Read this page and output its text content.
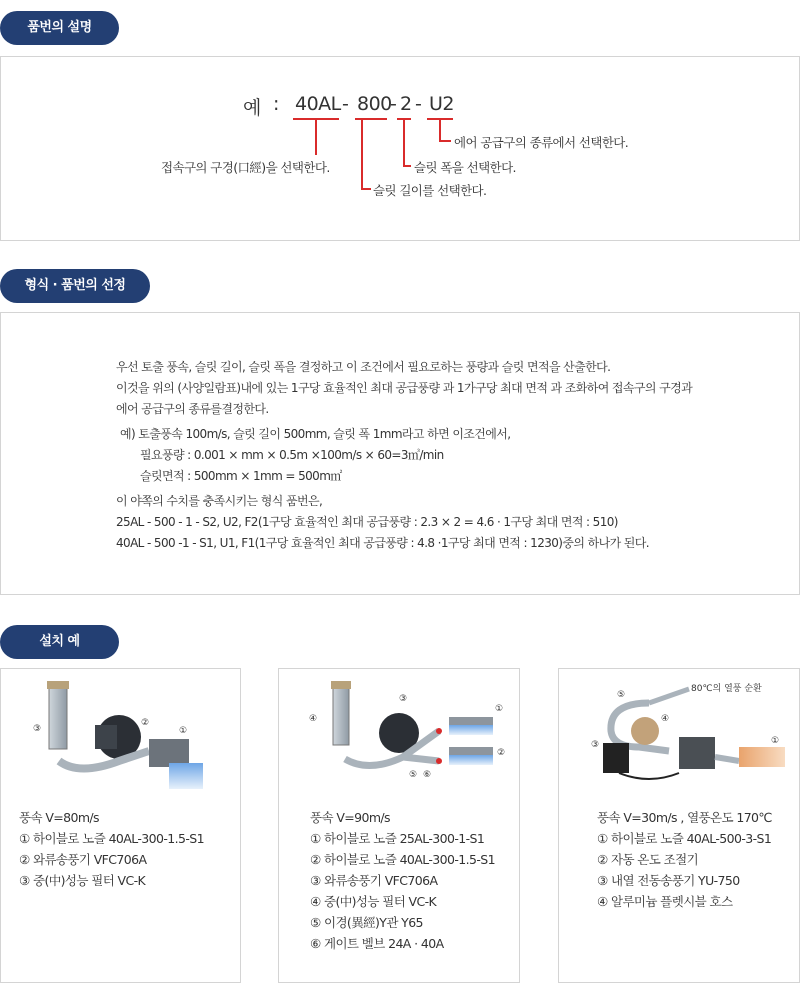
품번의 설명
예 : 40AL - 800
- 2 - U2
에어 공급구의 종류에서 선택한다.
슬릿 폭을 선택한다.
접속구의 구경(口經)을 선택한다.
슬릿 길이를 선택한다.
형식 · 품번의 선정
우선 토출 풍속, 슬릿 길이, 슬릿 폭을 결정하고 이 조건에서 필요로하는 풍량과 슬릿 면적을 산출한다.
이것을 위의 (사양일람표)내에 있는 1구당 효율적인 최대 공급풍량 과 1가구당 최대 면적 과 조화하여 접속구의 구경과
에어 공급구의 종류를결정한다.
예) 토출풍속 100m/s, 슬릿 길이 500mm, 슬릿 폭 1mm라고 하면 이조건에서,
필요풍량 : 0.001 × mm × 0.5m ×100m/s × 60=3㎥/min
슬릿면적 : 500mm × 1mm = 500m㎡
이 야쪽의 수치를 충족시키는 형식 품번은,
25AL - 500 - 1 - S2, U2, F2(1구당 효율적인 최대 공급풍량 : 2.3 × 2 = 4.6 · 1구당 최대 면적 : 510)
40AL - 500 -1 - S1, U1, F1(1구당 효율적인 최대 공급풍량 : 4.8 ·1구당 최대 면적 : 1230)중의 하나가 된다.
설치 예
③
②
①
풍속 V=80m/s
① 하이블로 노즐 40AL-300-1.5-S1
② 와류송풍기 VFC706A
③ 중(中)성능 필터 VC-K
③
④
①
②
⑤ ⑥
풍속 V=90m/s
① 하이블로 노즐 25AL-300-1-S1
② 하이블로 노즐 40AL-300-1.5-S1
③ 와류송풍기 VFC706A
④ 중(中)성능 필터 VC-K
⑤ 이경(異經)Y관 Y65
⑥ 게이트 벨브 24A · 40A
⑤
80℃의 열풍 순환
④
③	①
풍속 V=30m/s , 열풍온도 170℃
① 하이블로 노즐 40AL-500-3-S1
② 자동 온도 조절기
③ 내열 전동송풍기 YU-750
④ 알루미늄 플렛시블 호스
